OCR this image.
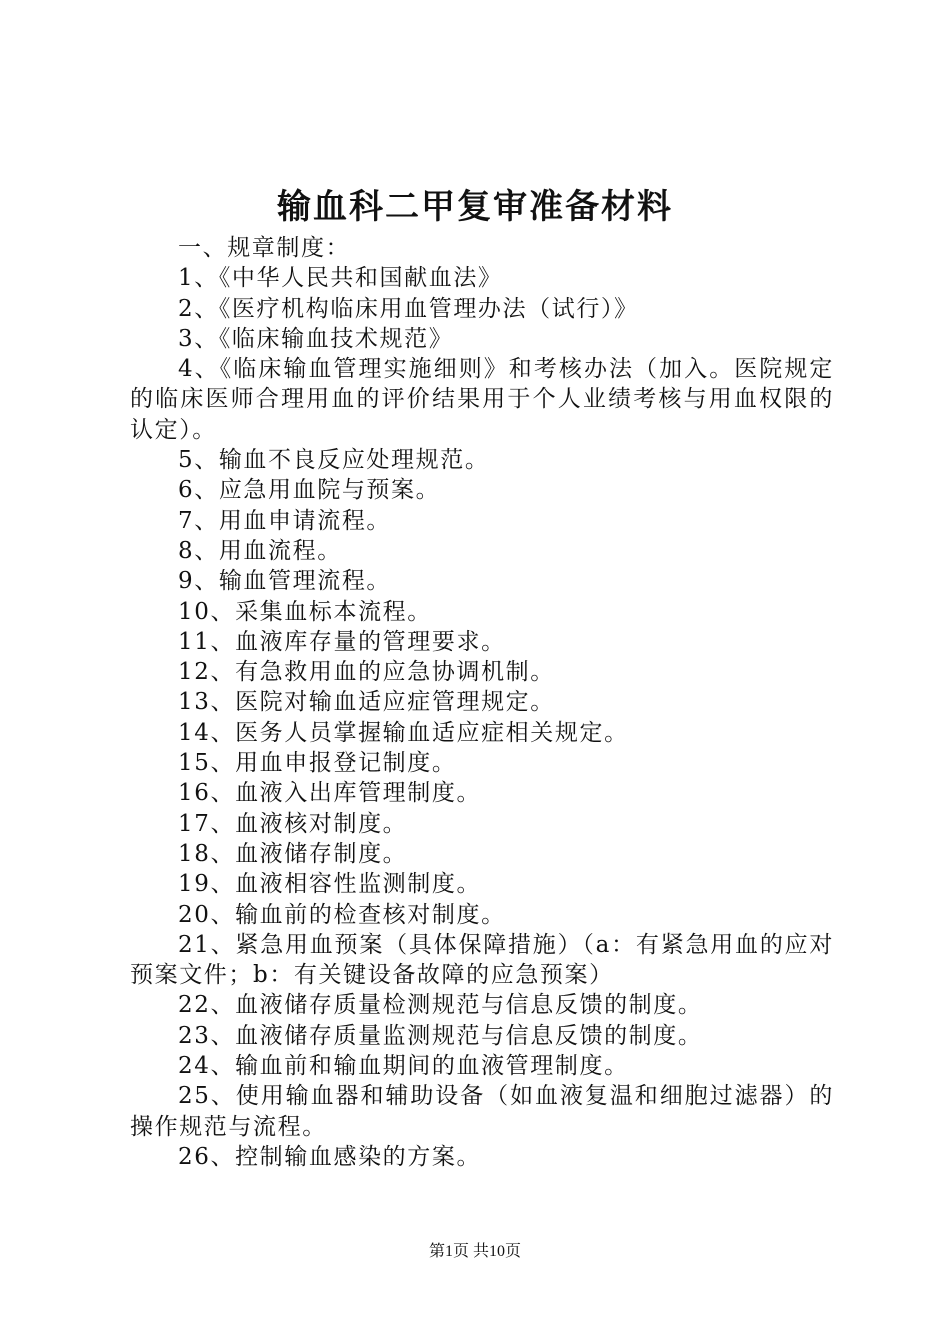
输血科二甲复审准备材料

一、规章制度：

1、《中华人民共和国献血法》

2、《医疗机构临床用血管理办法（试行）》

3、《临床输血技术规范》

4、《临床输血管理实施细则》和考核办法（加入。医院规定的临床医师合理用血的评价结果用于个人业绩考核与用血权限的认定）。

5、输血不良反应处理规范。

6、应急用血院与预案。

7、用血申请流程。

8、用血流程。

9、输血管理流程。

10、采集血标本流程。

11、血液库存量的管理要求。

12、有急救用血的应急协调机制。

13、医院对输血适应症管理规定。

14、医务人员掌握输血适应症相关规定。

15、用血申报登记制度。

16、血液入出库管理制度。

17、血液核对制度。

18、血液储存制度。

19、血液相容性监测制度。

20、输血前的检查核对制度。

21、紧急用血预案（具体保障措施）（a：有紧急用血的应对预案文件；b：有关键设备故障的应急预案）

22、血液储存质量检测规范与信息反馈的制度。

23、血液储存质量监测规范与信息反馈的制度。

24、输血前和输血期间的血液管理制度。

25、使用输血器和辅助设备（如血液复温和细胞过滤器）的操作规范与流程。

26、控制输血感染的方案。

第1页 共10页
